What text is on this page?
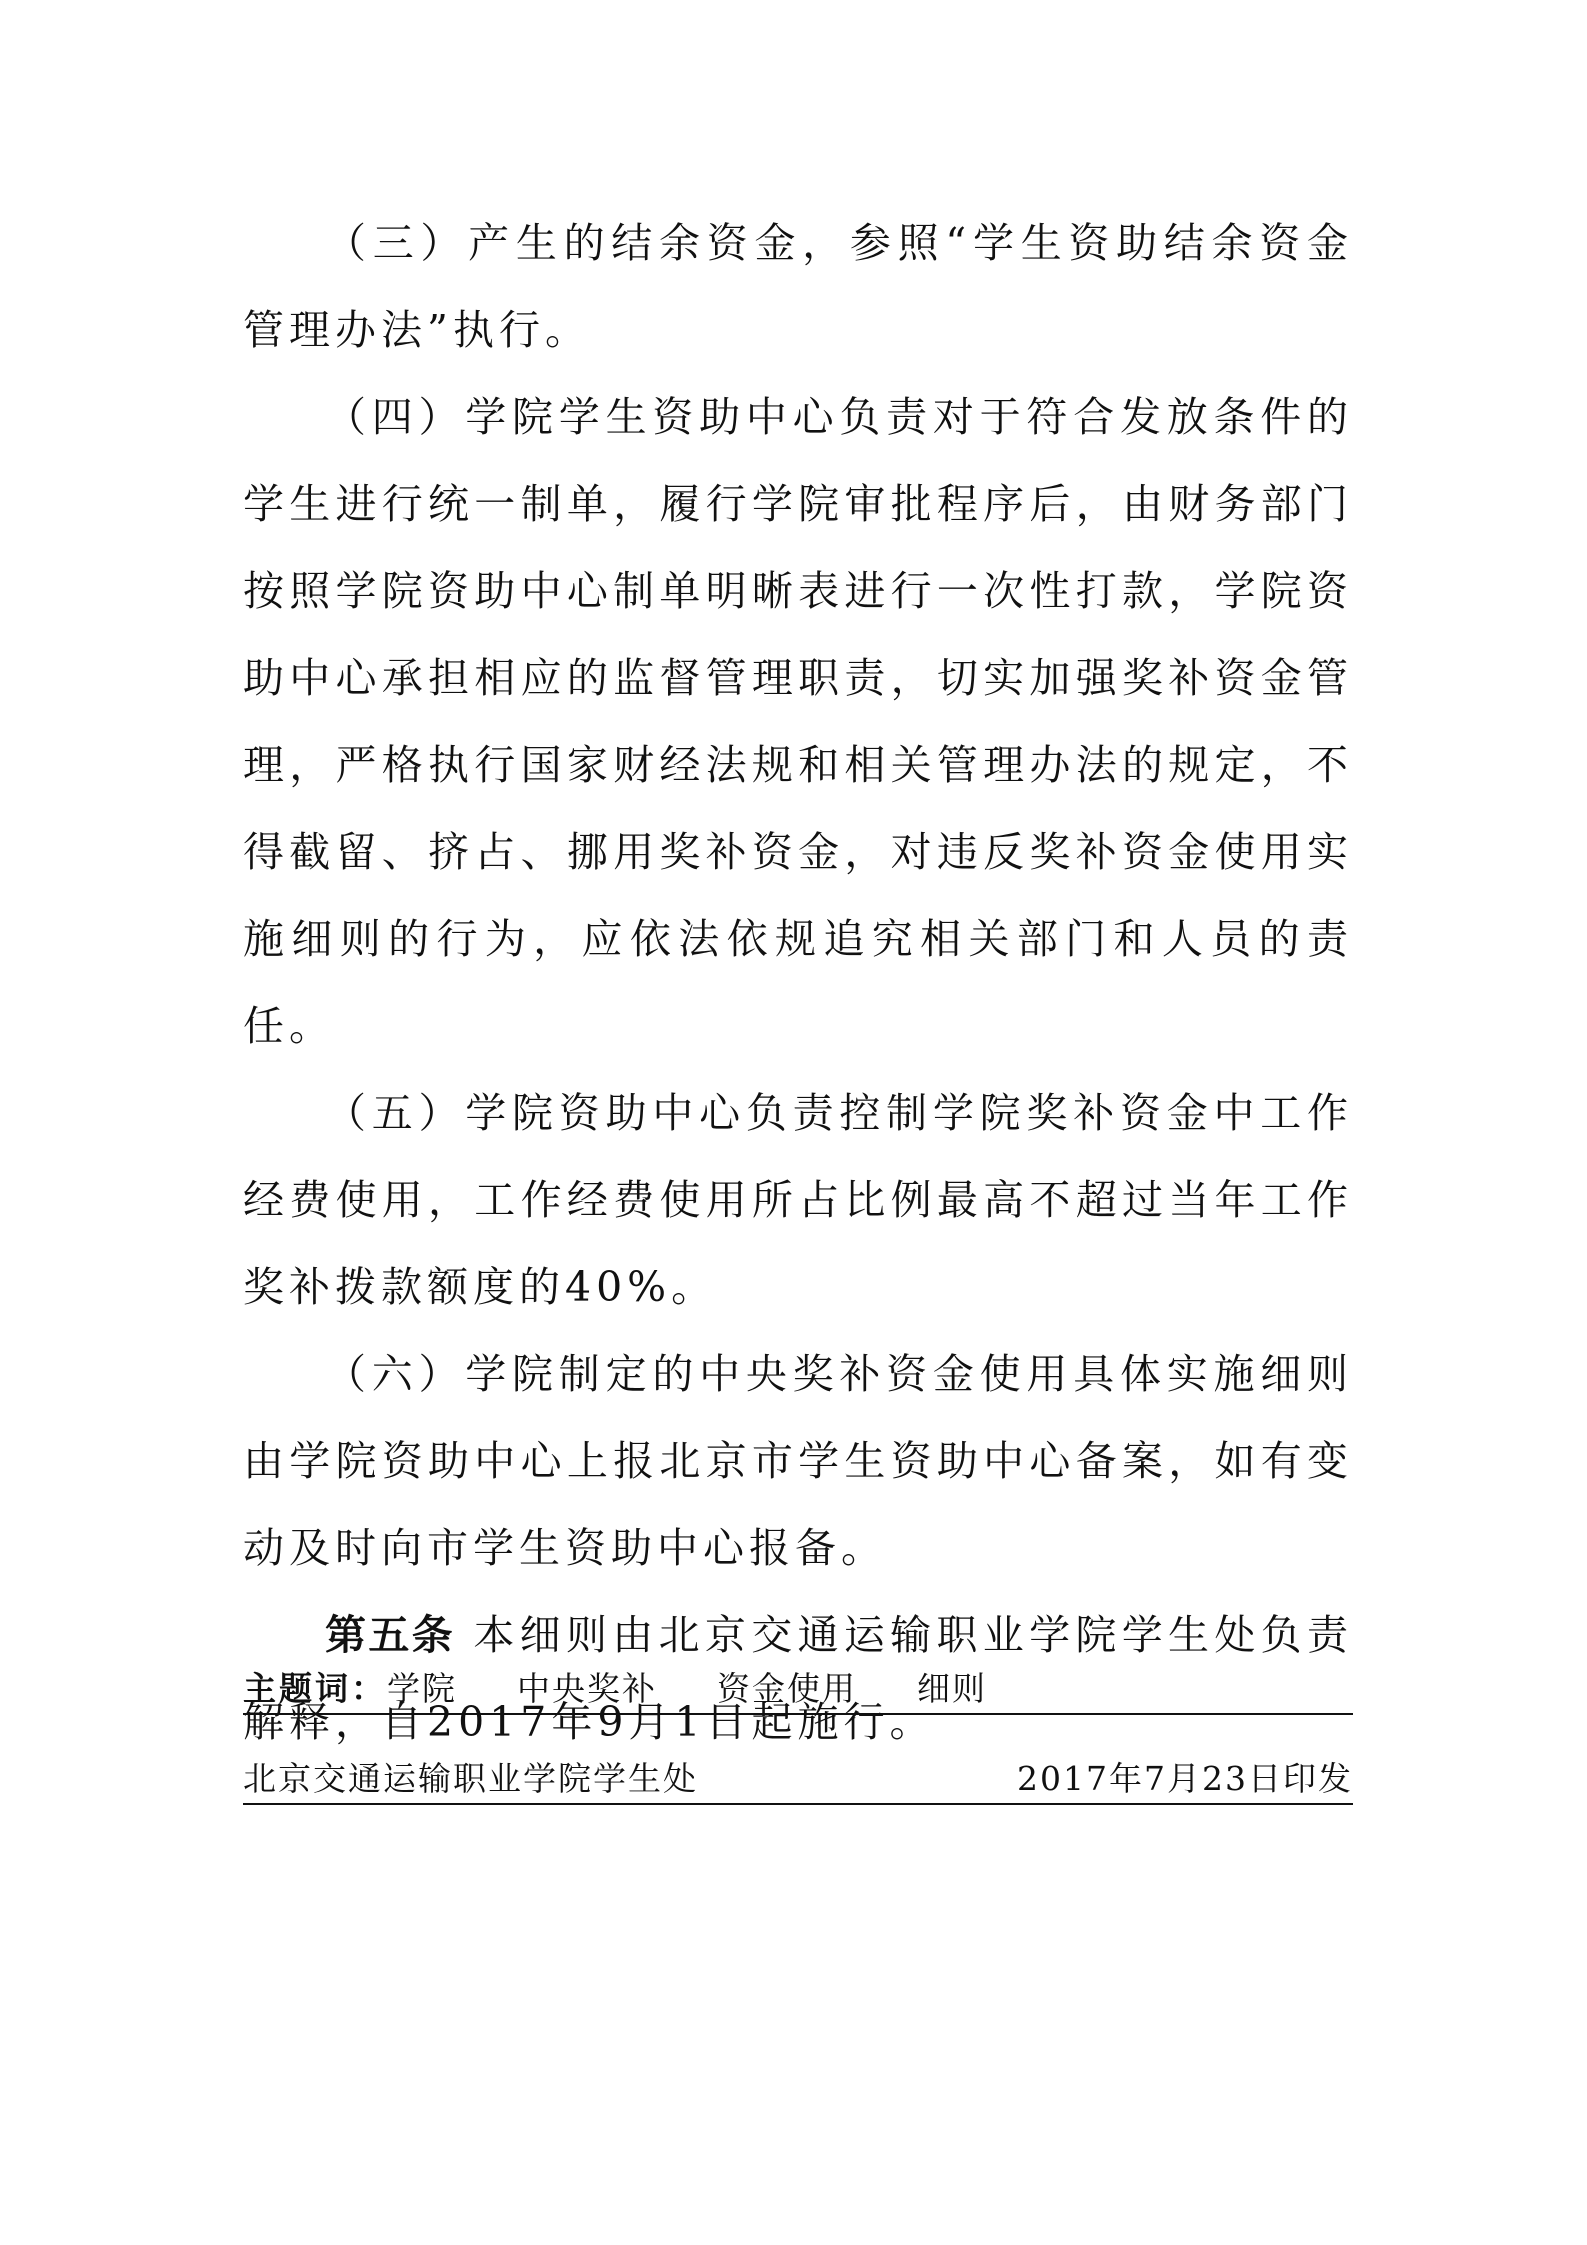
（三）产生的结余资金，参照“学生资助结余资金管理办法”执行。

（四）学院学生资助中心负责对于符合发放条件的学生进行统一制单，履行学院审批程序后，由财务部门按照学院资助中心制单明晰表进行一次性打款，学院资助中心承担相应的监督管理职责，切实加强奖补资金管理，严格执行国家财经法规和相关管理办法的规定，不得截留、挤占、挪用奖补资金，对违反奖补资金使用实施细则的行为，应依法依规追究相关部门和人员的责任。

（五）学院资助中心负责控制学院奖补资金中工作经费使用，工作经费使用所占比例最高不超过当年工作奖补拨款额度的40%。

（六）学院制定的中央奖补资金使用具体实施细则由学院资助中心上报北京市学生资助中心备案，如有变动及时向市学生资助中心报备。

第五条 本细则由北京交通运输职业学院学生处负责解释，自2017年9月1日起施行。

主题词：学院 中央奖补 资金使用 细则
北京交通运输职业学院学生处	2017年7月23日印发
